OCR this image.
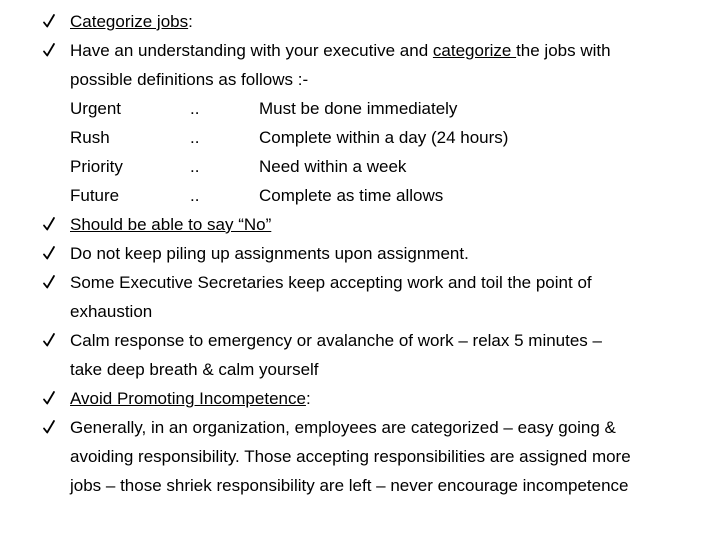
Categorize jobs:
Have an understanding with your executive and categorize the jobs with
possible definitions as follows :-
Urgent	..	Must be done immediately
Rush	..	Complete within a day (24 hours)
Priority	..	Need within a week
Future	..	Complete as time allows
Should be able to say “No”
Do not keep piling up assignments upon assignment.
Some Executive Secretaries keep accepting work and toil the point of
exhaustion
Calm response to emergency or avalanche of work – relax 5 minutes –
take deep breath & calm yourself
Avoid Promoting Incompetence:
Generally, in an organization, employees are categorized – easy going &
avoiding responsibility. Those accepting responsibilities are assigned more
jobs – those shriek responsibility are left – never encourage incompetence
